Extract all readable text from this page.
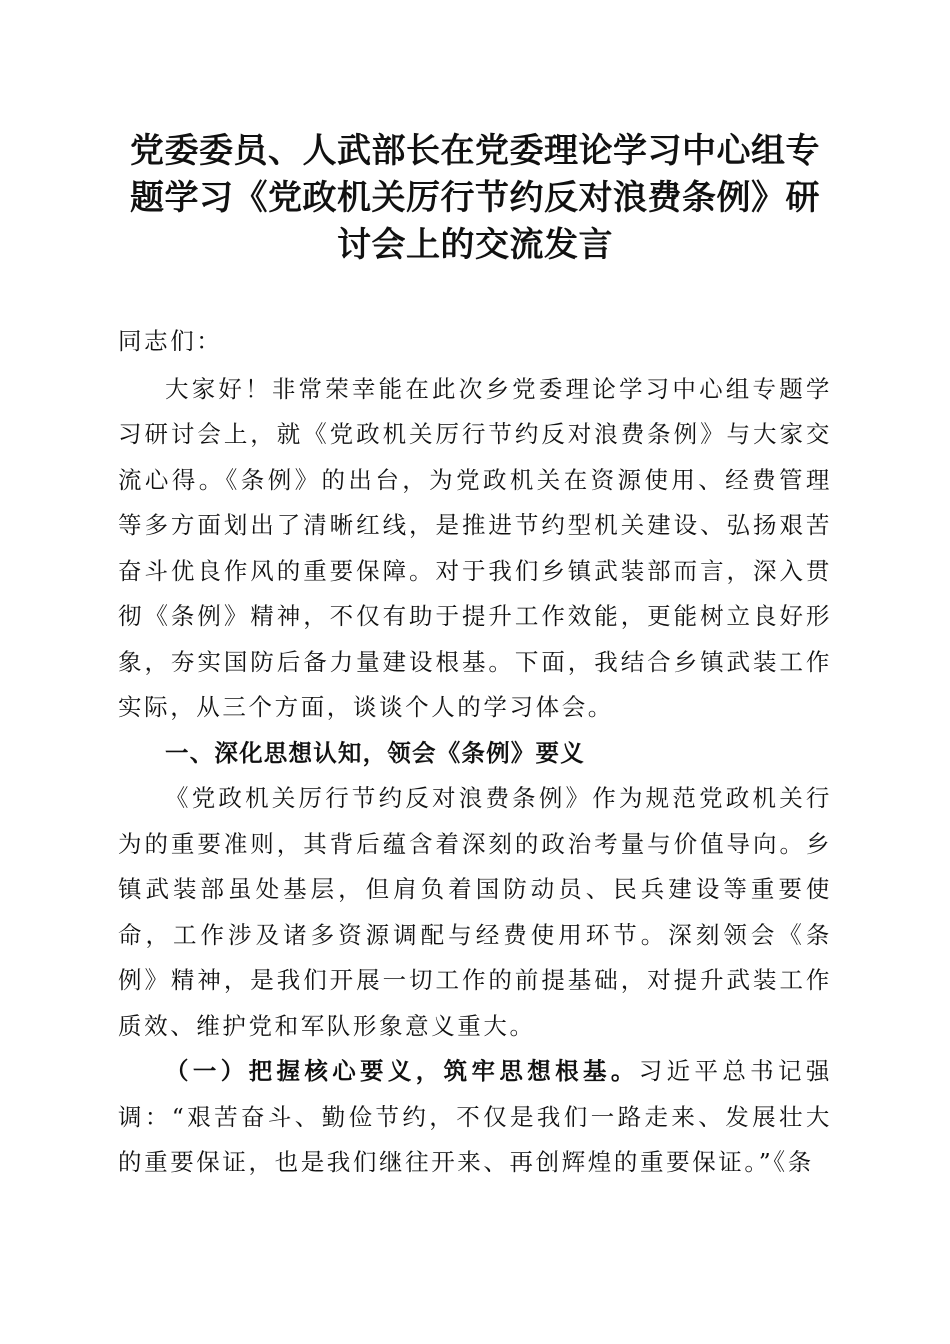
党委委员、人武部长在党委理论学习中心组专
题学习《党政机关厉行节约反对浪费条例》研
讨会上的交流发言

同志们：

大家好！非常荣幸能在此次乡党委理论学习中心组专题学习研讨会上，就《党政机关厉行节约反对浪费条例》与大家交流心得。《条例》的出台，为党政机关在资源使用、经费管理等多方面划出了清晰红线，是推进节约型机关建设、弘扬艰苦奋斗优良作风的重要保障。对于我们乡镇武装部而言，深入贯彻《条例》精神，不仅有助于提升工作效能，更能树立良好形象，夯实国防后备力量建设根基。下面，我结合乡镇武装工作实际，从三个方面，谈谈个人的学习体会。

一、深化思想认知，领会《条例》要义

《党政机关厉行节约反对浪费条例》作为规范党政机关行为的重要准则，其背后蕴含着深刻的政治考量与价值导向。乡镇武装部虽处基层，但肩负着国防动员、民兵建设等重要使命，工作涉及诸多资源调配与经费使用环节。深刻领会《条例》精神，是我们开展一切工作的前提基础，对提升武装工作质效、维护党和军队形象意义重大。

（一）把握核心要义，筑牢思想根基。习近平总书记强调：“艰苦奋斗、勤俭节约，不仅是我们一路走来、发展壮大的重要保证，也是我们继往开来、再创辉煌的重要保证。”《条
